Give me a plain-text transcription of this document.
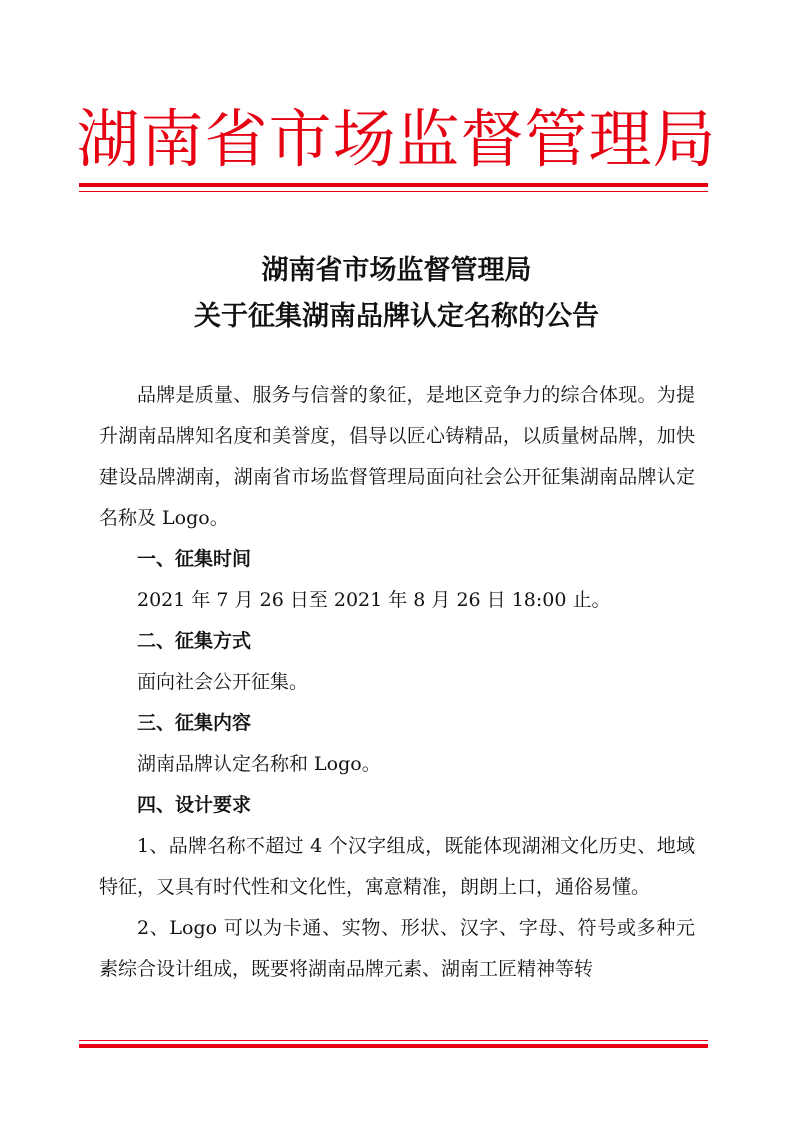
湖南省市场监督管理局
湖南省市场监督管理局
关于征集湖南品牌认定名称的公告

品牌是质量、服务与信誉的象征，是地区竞争力的综合体现。为提升湖南品牌知名度和美誉度，倡导以匠心铸精品，以质量树品牌，加快建设品牌湖南，湖南省市场监督管理局面向社会公开征集湖南品牌认定名称及 Logo。

一、征集时间

2021 年 7 月 26 日至 2021 年 8 月 26 日 18:00 止。

二、征集方式

面向社会公开征集。

三、征集内容

湖南品牌认定名称和 Logo。

四、设计要求

1、品牌名称不超过 4 个汉字组成，既能体现湖湘文化历史、地域特征，又具有时代性和文化性，寓意精准，朗朗上口，通俗易懂。

2、Logo 可以为卡通、实物、形状、汉字、字母、符号或多种元素综合设计组成，既要将湖南品牌元素、湖南工匠精神等转
